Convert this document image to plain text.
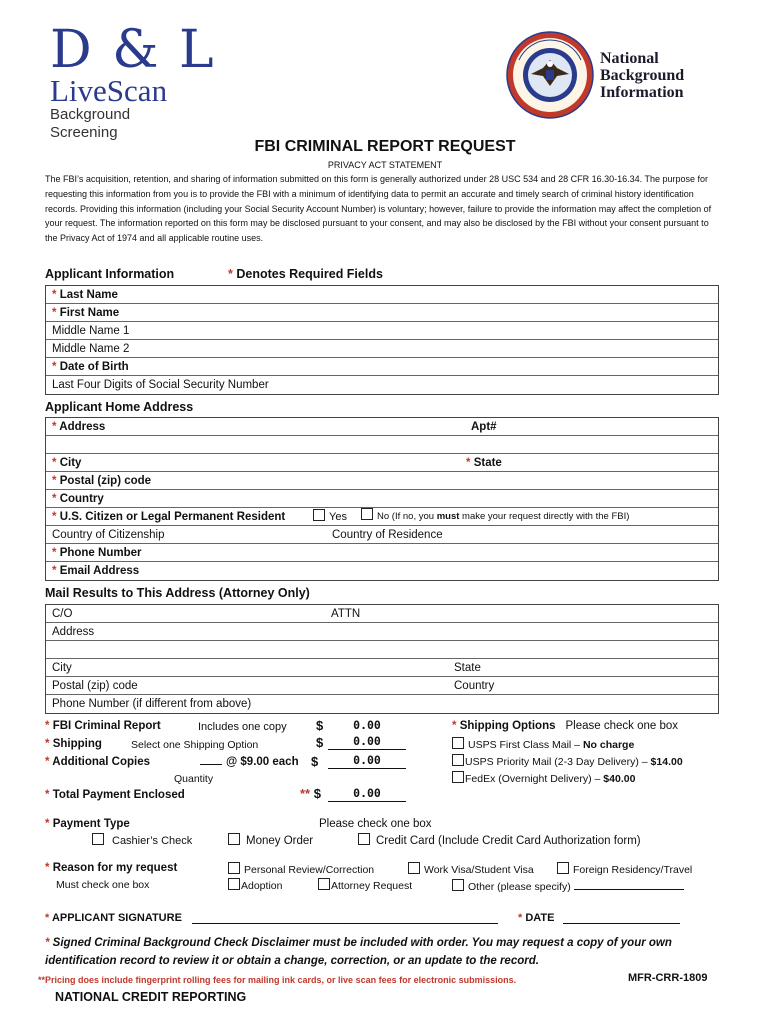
D & L
LiveScan
Background Screening
National
Background
Information
FBI CRIMINAL REPORT REQUEST
PRIVACY ACT STATEMENT
The FBI’s acquisition, retention, and sharing of information submitted on this form is generally authorized under 28 USC 534 and 28 CFR 16.30-16.34. The purpose for requesting this information from you is to provide the FBI with a minimum of identifying data to permit an accurate and timely search of criminal history identification records. Providing this information (including your Social Security Account Number) is voluntary; however, failure to provide the information may affect the completion of your request. The information reported on this form may be disclosed pursuant to your consent, and may also be disclosed by the FBI without your consent pursuant to the Privacy Act of 1974 and all applicable routine uses.
Applicant Information	* Denotes Required Fields
* Last Name
* First Name
Middle Name 1
Middle Name 2
* Date of Birth
Last Four Digits of Social Security Number
Applicant Home Address
* Address	Apt#
* City	* State
* Postal (zip) code
* Country
* U.S. Citizen or Legal Permanent Resident	Yes	No (If no, you must make your request directly with the FBI)
Country of Citizenship	Country of Residence
* Phone Number
* Email Address
Mail Results to This Address (Attorney Only)
C/O	ATTN
Address
City	State
Postal (zip) code	Country
Phone Number (if different from above)
* FBI Criminal Report	Includes one copy $	0.00
* Shipping	Select one Shipping Option	$	0.00
* Additional Copies	@ $9.00 each $	0.00
Quantity
* Total Payment Enclosed	** $	0.00
* Shipping Options Please check one box
USPS First Class Mail – No charge
USPS Priority Mail (2-3 Day Delivery) – $14.00
FedEx (Overnight Delivery) – $40.00
* Payment Type	Please check one box
Cashier’s Check	Money Order	Credit Card (Include Credit Card Authorization form)
* Reason for my request
Must check one box
Personal Review/Correction	Work Visa/Student Visa	Foreign Residency/Travel
Adoption	Attorney Request	Other (please specify)
* APPLICANT SIGNATURE	* DATE
* Signed Criminal Background Check Disclaimer must be included with order. You may request a copy of your own identification record to review it or obtain a change, correction, or an update to the record.
**Pricing does include fingerprint rolling fees for mailing ink cards, or live scan fees for electronic submissions.	MFR-CRR-1809
NATIONAL CREDIT REPORTING
